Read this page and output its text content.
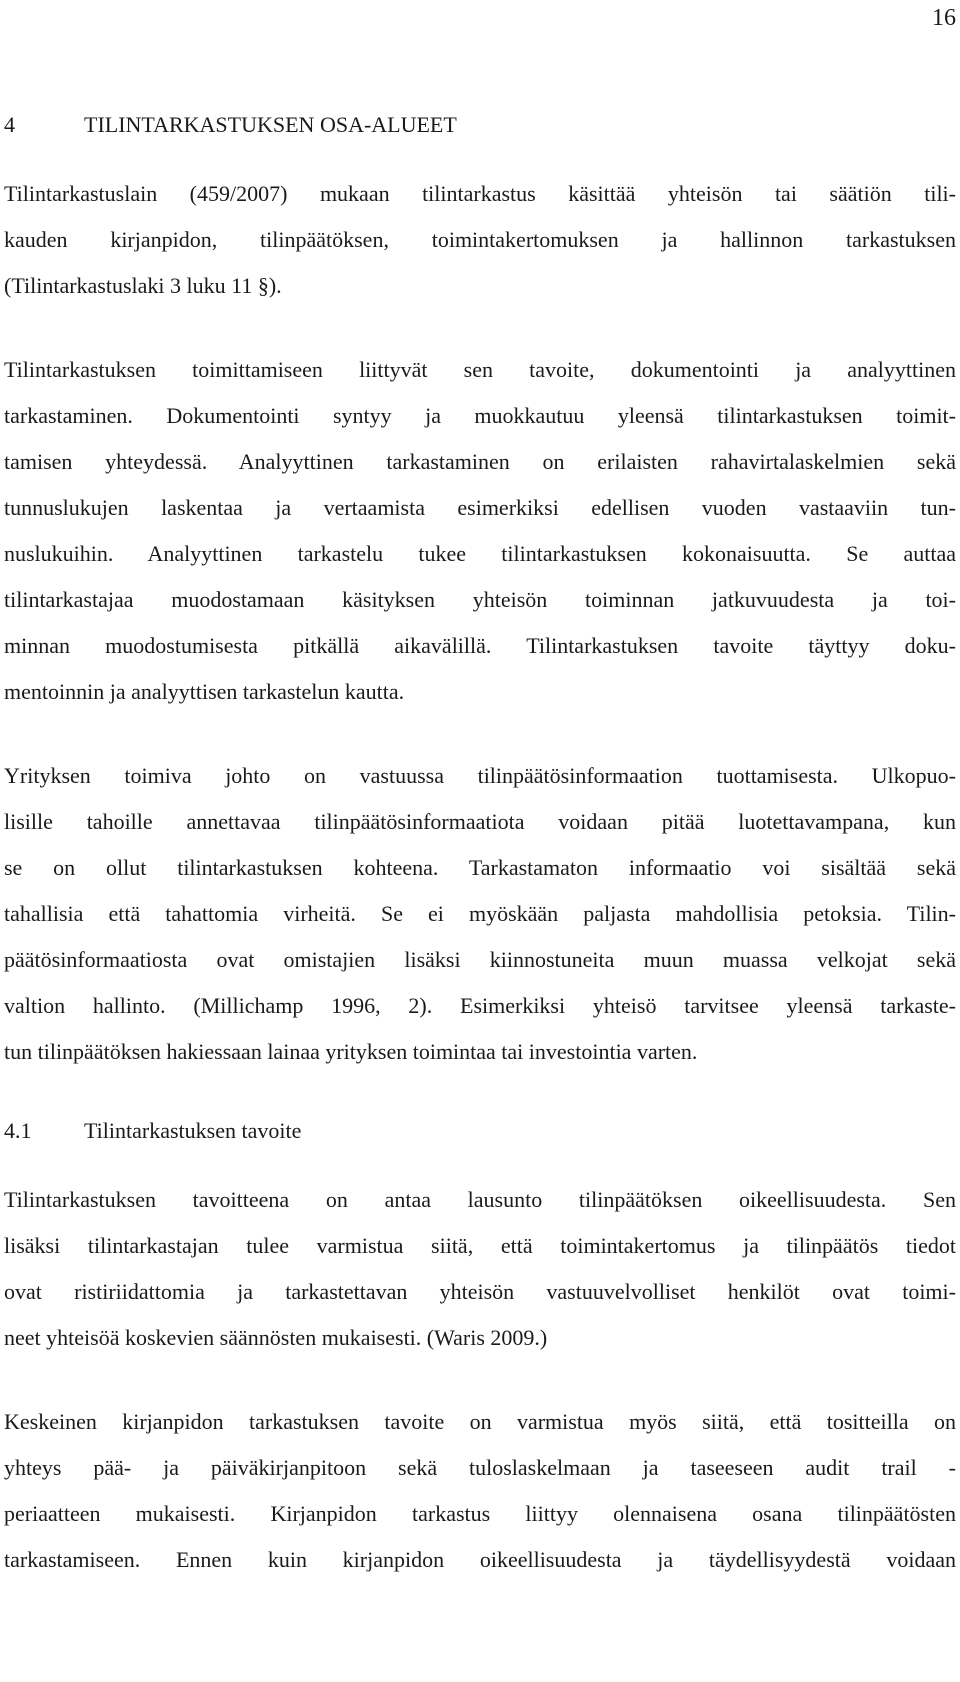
16
4	TILINTARKASTUKSEN OSA-ALUEET
Tilintarkastuslain (459/2007) mukaan tilintarkastus käsittää yhteisön tai säätiön tili-
kauden kirjanpidon, tilinpäätöksen, toimintakertomuksen ja hallinnon tarkastuksen
(Tilintarkastuslaki 3 luku 11 §).
Tilintarkastuksen toimittamiseen liittyvät sen tavoite, dokumentointi ja analyyttinen
tarkastaminen. Dokumentointi syntyy ja muokkautuu yleensä tilintarkastuksen toimit-
tamisen yhteydessä. Analyyttinen tarkastaminen on erilaisten rahavirtalaskelmien sekä
tunnuslukujen laskentaa ja vertaamista esimerkiksi edellisen vuoden vastaaviin tun-
nuslukuihin. Analyyttinen tarkastelu tukee tilintarkastuksen kokonaisuutta. Se auttaa
tilintarkastajaa muodostamaan käsityksen yhteisön toiminnan jatkuvuudesta ja toi-
minnan muodostumisesta pitkällä aikavälillä. Tilintarkastuksen tavoite täyttyy doku-
mentoinnin ja analyyttisen tarkastelun kautta.
Yrityksen toimiva johto on vastuussa tilinpäätösinformaation tuottamisesta. Ulkopuo-
lisille tahoille annettavaa tilinpäätösinformaatiota voidaan pitää luotettavampana, kun
se on ollut tilintarkastuksen kohteena. Tarkastamaton informaatio voi sisältää sekä
tahallisia että tahattomia virheitä. Se ei myöskään paljasta mahdollisia petoksia. Tilin-
päätösinformaatiosta ovat omistajien lisäksi kiinnostuneita muun muassa velkojat sekä
valtion hallinto. (Millichamp 1996, 2). Esimerkiksi yhteisö tarvitsee yleensä tarkaste-
tun tilinpäätöksen hakiessaan lainaa yrityksen toimintaa tai investointia varten.
4.1 Tilintarkastuksen tavoite
Tilintarkastuksen tavoitteena on antaa lausunto tilinpäätöksen oikeellisuudesta. Sen
lisäksi tilintarkastajan tulee varmistua siitä, että toimintakertomus ja tilinpäätös tiedot
ovat ristiriidattomia ja tarkastettavan yhteisön vastuuvelvolliset henkilöt ovat toimi-
neet yhteisöä koskevien säännösten mukaisesti. (Waris 2009.)
Keskeinen kirjanpidon tarkastuksen tavoite on varmistua myös siitä, että tositteilla on
yhteys pää- ja päiväkirjanpitoon sekä tuloslaskelmaan ja taseeseen audit trail -
periaatteen mukaisesti. Kirjanpidon tarkastus liittyy olennaisena osana tilinpäätösten
tarkastamiseen. Ennen kuin kirjanpidon oikeellisuudesta ja täydellisyydestä voidaan
